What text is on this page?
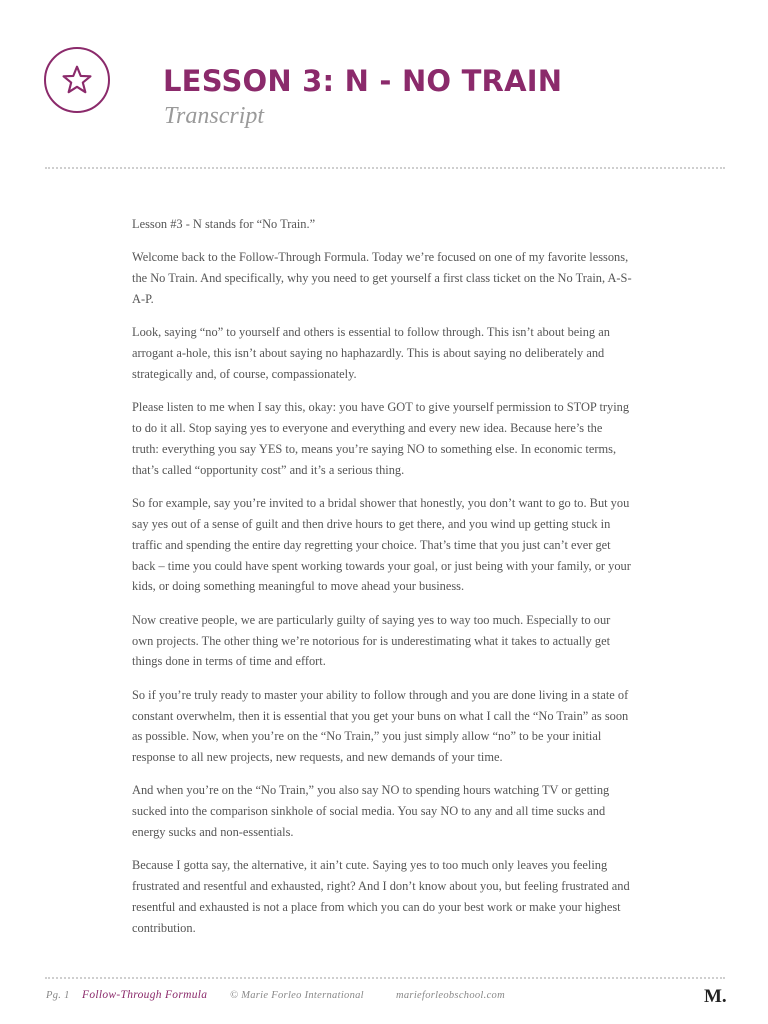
LESSON 3: N - NO TRAIN
Transcript

Lesson #3 - N stands for “No Train.”

Welcome back to the Follow-Through Formula. Today we’re focused on one of my favorite lessons, the No Train. And specifically, why you need to get yourself a first class ticket on the No Train, A-S-A-P.

Look, saying “no” to yourself and others is essential to follow through. This isn’t about being an arrogant a-hole, this isn’t about saying no haphazardly. This is about saying no deliberately and strategically and, of course, compassionately.

Please listen to me when I say this, okay: you have GOT to give yourself permission to STOP trying to do it all. Stop saying yes to everyone and everything and every new idea. Because here’s the truth: everything you say YES to, means you’re saying NO to something else. In economic terms, that’s called “opportunity cost” and it’s a serious thing.

So for example, say you’re invited to a bridal shower that honestly, you don’t want to go to. But you say yes out of a sense of guilt and then drive hours to get there, and you wind up getting stuck in traffic and spending the entire day regretting your choice. That’s time that you just can’t ever get back – time you could have spent working towards your goal, or just being with your family, or your kids, or doing something meaningful to move ahead your business.

Now creative people, we are particularly guilty of saying yes to way too much. Especially to our own projects. The other thing we’re notorious for is underestimating what it takes to actually get things done in terms of time and effort.

So if you’re truly ready to master your ability to follow through and you are done living in a state of constant overwhelm, then it is essential that you get your buns on what I call the “No Train” as soon as possible. Now, when you’re on the “No Train,” you just simply allow “no” to be your initial response to all new projects, new requests, and new demands of your time.

And when you’re on the “No Train,” you also say NO to spending hours watching TV or getting sucked into the comparison sinkhole of social media. You say NO to any and all time sucks and energy sucks and non-essentials.

Because I gotta say, the alternative, it ain’t cute. Saying yes to too much only leaves you feeling frustrated and resentful and exhausted, right? And I don’t know about you, but feeling frustrated and resentful and exhausted is not a place from which you can do your best work or make your highest contribution.

Pg. 1 Follow-Through Formula © Marie Forleo International	marieforleobschool.com	M.
